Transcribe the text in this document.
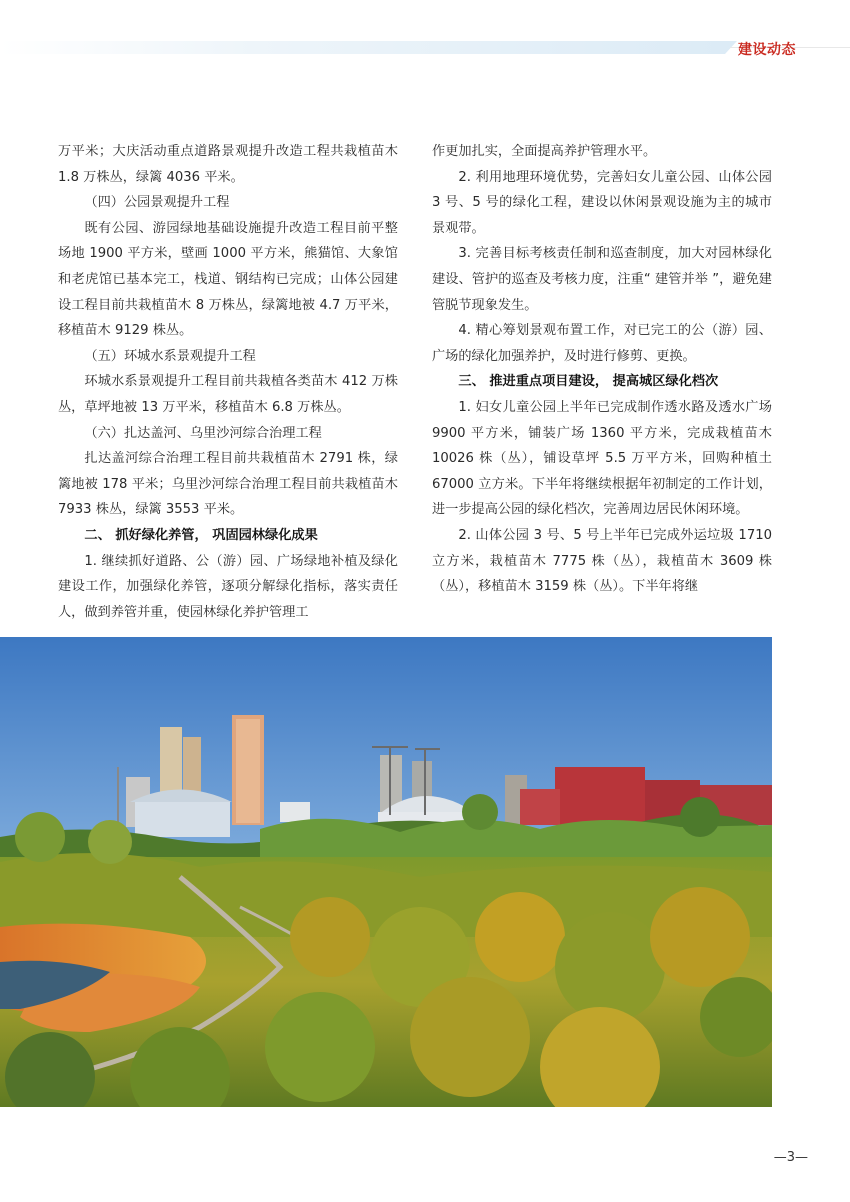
建设动态

万平米；大庆活动重点道路景观提升改造工程共栽植苗木 1.8 万株丛，绿篱 4036 平米。

（四）公园景观提升工程

既有公园、游园绿地基础设施提升改造工程目前平整场地 1900 平方米，壁画 1000 平方米，熊猫馆、大象馆和老虎馆已基本完工，栈道、钢结构已完成；山体公园建设工程目前共栽植苗木 8 万株丛，绿篱地被 4.7 万平米，移植苗木 9129 株丛。

（五）环城水系景观提升工程

环城水系景观提升工程目前共栽植各类苗木 412 万株丛，草坪地被 13 万平米，移植苗木 6.8 万株丛。

（六）扎达盖河、乌里沙河综合治理工程

扎达盖河综合治理工程目前共栽植苗木 2791 株，绿篱地被 178 平米；乌里沙河综合治理工程目前共栽植苗木 7933 株丛，绿篱 3553 平米。

二、 抓好绿化养管， 巩固园林绿化成果

1. 继续抓好道路、公（游）园、广场绿地补植及绿化建设工作，加强绿化养管，逐项分解绿化指标，落实责任人，做到养管并重，使园林绿化养护管理工

作更加扎实，全面提高养护管理水平。

2. 利用地理环境优势，完善妇女儿童公园、山体公园 3 号、5 号的绿化工程，建设以休闲景观设施为主的城市景观带。

3. 完善目标考核责任制和巡查制度，加大对园林绿化建设、管护的巡查及考核力度，注重“ 建管并举 ”，避免建管脱节现象发生。

4. 精心筹划景观布置工作，对已完工的公（游）园、广场的绿化加强养护，及时进行修剪、更换。

三、 推进重点项目建设， 提高城区绿化档次

1. 妇女儿童公园上半年已完成制作透水路及透水广场 9900 平方米，铺装广场 1360 平方米，完成栽植苗木 10026 株（丛），铺设草坪 5.5 万平方米，回购种植土 67000 立方米。下半年将继续根据年初制定的工作计划，进一步提高公园的绿化档次，完善周边居民休闲环境。

2. 山体公园 3 号、5 号上半年已完成外运垃圾 1710 立方米，栽植苗木 7775 株（丛），栽植苗木 3609 株（丛），移植苗木 3159 株（丛）。下半年将继

—3—
